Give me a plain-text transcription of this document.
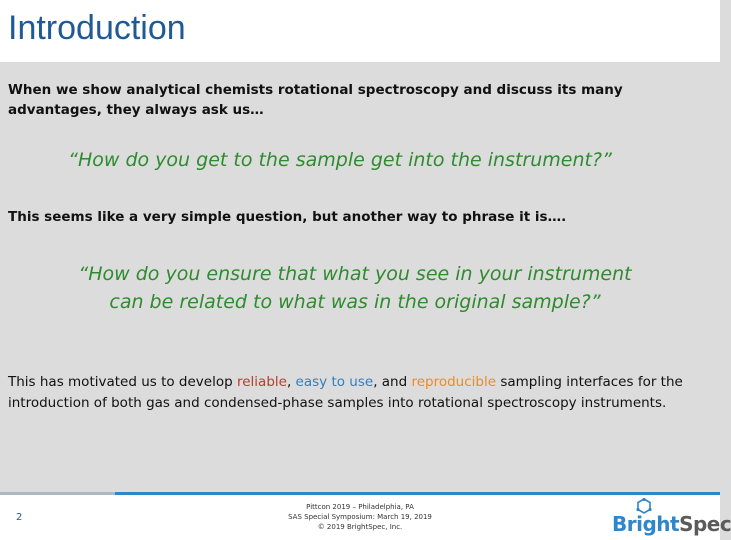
Introduction
When we show analytical chemists rotational spectroscopy and discuss its many advantages, they always ask us…
“How do you get to the sample get into the instrument?”
This seems like a very simple question, but another way to phrase it is….
“How do you ensure that what you see in your instrument
can be related to what was in the original sample?”
This has motivated us to develop reliable, easy to use, and reproducible sampling interfaces for the introduction of both gas and condensed-phase samples into rotational spectroscopy instruments.
2
Pittcon 2019 – Philadelphia, PA
SAS Special Symposium: March 19, 2019
© 2019 BrightSpec, Inc.	BrightSpec
